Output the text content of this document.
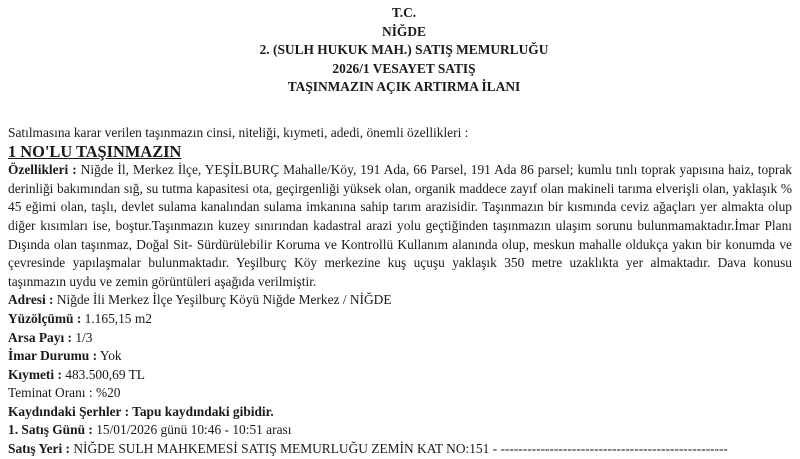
T.C.
NİĞDE
2. (SULH HUKUK MAH.) SATIŞ MEMURLUĞU
2026/1 VESAYET SATIŞ
TAŞINMAZIN AÇIK ARTIRMA İLANI
Satılmasına karar verilen taşınmazın cinsi, niteliği, kıymeti, adedi, önemli özellikleri :
1 NO'LU TAŞINMAZIN

Özellikleri : Niğde İl, Merkez İlçe, YEŞİLBURÇ Mahalle/Köy, 191 Ada, 66 Parsel, 191 Ada 86 parsel; kumlu tınlı toprak yapısına haiz, toprak derinliği bakımından sığ, su tutma kapasitesi ota, geçirgenliği yüksek olan, organik maddece zayıf olan makineli tarıma elverişli olan, yaklaşık % 45 eğimi olan, taşlı, devlet sulama kanalından sulama imkanına sahip tarım arazisidir. Taşınmazın bir kısmında ceviz ağaçları yer almakta olup diğer kısımları ise, boştur.Taşınmazın kuzey sınırından kadastral arazi yolu geçtiğinden taşınmazın ulaşım sorunu bulunmamaktadır.İmar Planı Dışında olan taşınmaz, Doğal Sit- Sürdürülebilir Koruma ve Kontrollü Kullanım alanında olup, meskun mahalle oldukça yakın bir konumda ve çevresinde yapılaşmalar bulunmaktadır. Yeşilburç Köy merkezine kuş uçuşu yaklaşık 350 metre uzaklıkta yer almaktadır. Dava konusu taşınmazın uydu ve zemin görüntüleri aşağıda verilmiştir.

Adresi : Niğde İli Merkez İlçe Yeşilburç Köyü Niğde Merkez / NİĞDE

Yüzölçümü : 1.165,15 m2

Arsa Payı : 1/3

İmar Durumu : Yok

Kıymeti : 483.500,69 TL

Teminat Oranı : %20

Kaydındaki Şerhler : Tapu kaydındaki gibidir.

1. Satış Günü : 15/01/2026 günü 10:46 - 10:51 arası

Satış Yeri : NİĞDE SULH MAHKEMESİ SATIŞ MEMURLUĞU ZEMİN KAT NO:151 - ---------------------------------------------------
